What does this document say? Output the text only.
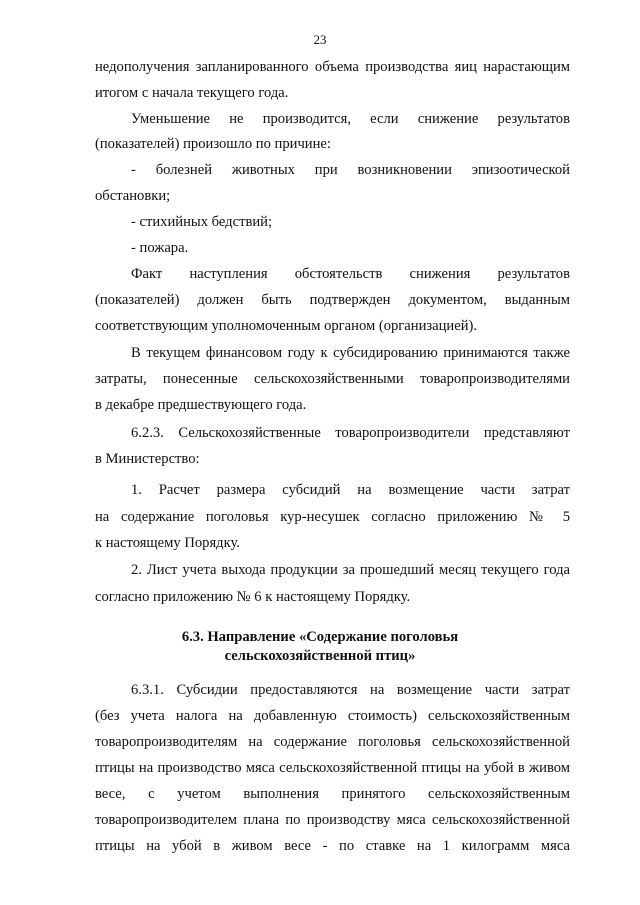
23
недополучения запланированного объема производства яиц нарастающим
итогом с начала текущего года.
Уменьшение не производится, если снижение результатов
(показателей) произошло по причине:
- болезней животных при возникновении эпизоотической
обстановки;
- стихийных бедствий;
- пожара.
Факт наступления обстоятельств снижения результатов
(показателей) должен быть подтвержден документом, выданным
соответствующим уполномоченным органом (организацией).
В текущем финансовом году к субсидированию принимаются также
затраты, понесенные сельскохозяйственными товаропроизводителями
в декабре предшествующего года.
6.2.3. Сельскохозяйственные товаропроизводители представляют
в Министерство:
1. Расчет размера субсидий на возмещение части затрат
на содержание поголовья кур-несушек согласно приложению № 5
к настоящему Порядку.
2. Лист учета выхода продукции за прошедший месяц текущего года
согласно приложению № 6 к настоящему Порядку.
6.3. Направление «Содержание поголовья
сельскохозяйственной птиц»
6.3.1. Субсидии предоставляются на возмещение части затрат
(без учета налога на добавленную стоимость) сельскохозяйственным
товаропроизводителям на содержание поголовья сельскохозяйственной
птицы на производство мяса сельскохозяйственной птицы на убой в живом
весе, с учетом выполнения принятого сельскохозяйственным
товаропроизводителем плана по производству мяса сельскохозяйственной
птицы на убой в живом весе - по ставке на 1 килограмм мяса
